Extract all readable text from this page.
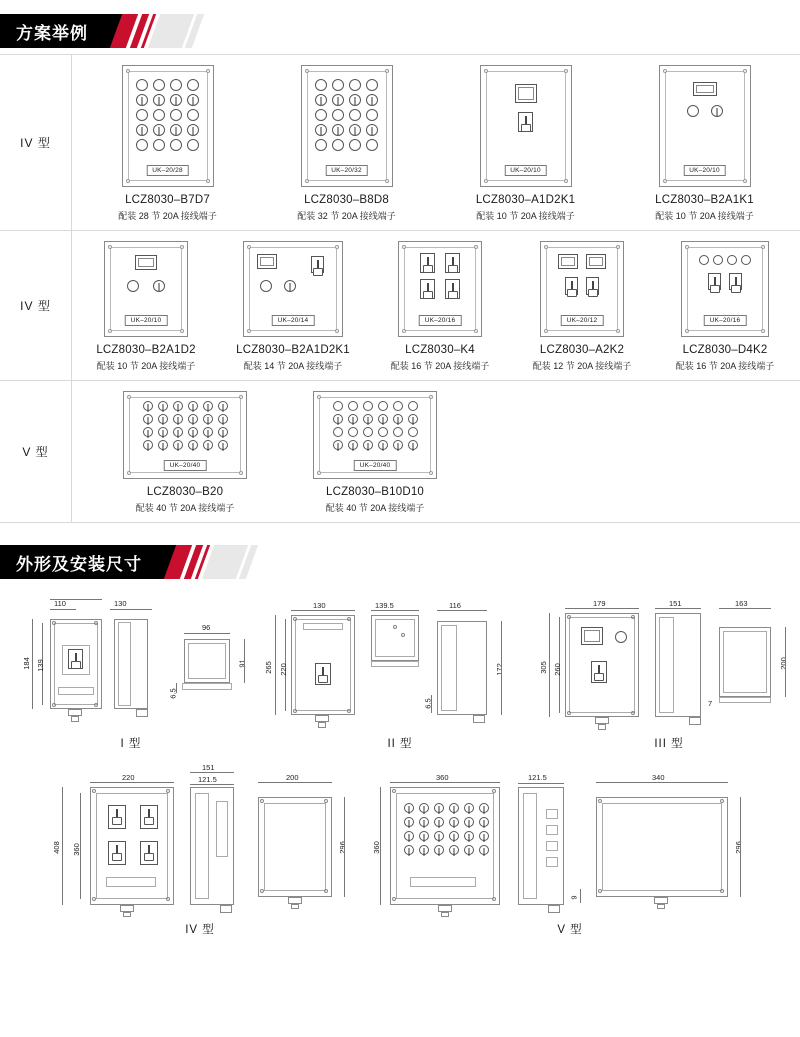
方案举例
IV 型
UK–20/28
LCZ8030–B7D7
配装 28 节 20A 接线端子
UK–20/32
LCZ8030–B8D8
配装 32 节 20A 接线端子
UK–20/10
LCZ8030–A1D2K1
配装 10 节 20A 接线端子
UK–20/10
LCZ8030–B2A1K1
配装 10 节 20A 接线端子
IV 型
UK–20/10
LCZ8030–B2A1D2
配装 10 节 20A 接线端子
UK–20/14
LCZ8030–B2A1D2K1
配装 14 节 20A 接线端子
UK–20/16
LCZ8030–K4
配装 16 节 20A 接线端子
UK–20/12
LCZ8030–A2K2
配装 12 节 20A 接线端子
UK–20/16
LCZ8030–D4K2
配装 16 节 20A 接线端子
V 型
UK–20/40
LCZ8030–B20
配装 40 节 20A 接线端子
UK–20/40
LCZ8030–B10D10
配装 40 节 20A 接线端子
外形及安装尺寸
110	130
184 139
96
91
6.5
I 型
130	139.5	116
265 220	172
6.5
II 型
179	151	163
305 260	200
7
III 型
220
151
121.5	200
408 360	296
IV 型
360	121.5	340
360	296
9
V 型
